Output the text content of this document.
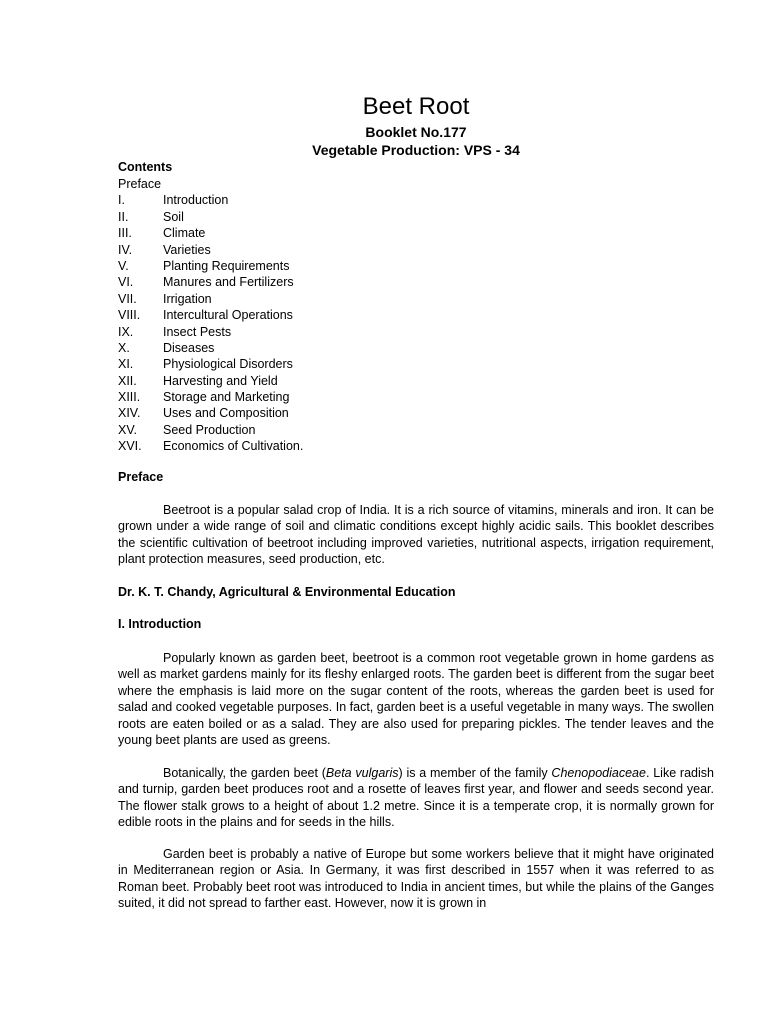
Beet Root
Booklet No.177
Vegetable Production: VPS - 34
Contents
Preface
I.	Introduction
II.	Soil
III.	Climate
IV.	Varieties
V.	Planting Requirements
VI.	Manures and Fertilizers
VII.	Irrigation
VIII.	Intercultural Operations
IX.	Insect Pests
X.	Diseases
XI.	Physiological Disorders
XII.	Harvesting and Yield
XIII.	Storage and Marketing
XIV.	Uses and Composition
XV.	Seed Production
XVI.	Economics of Cultivation.
Preface

Beetroot is a popular salad crop of India. It is a rich source of vitamins, minerals and iron. It can be grown under a wide range of soil and climatic conditions except highly acidic sails. This booklet describes the scientific cultivation of beetroot including improved varieties, nutritional aspects, irrigation requirement, plant protection measures, seed production, etc.

Dr. K. T. Chandy, Agricultural & Environmental Education
I. Introduction

Popularly known as garden beet, beetroot is a common root vegetable grown in home gardens as well as market gardens mainly for its fleshy enlarged roots. The garden beet is different from the sugar beet where the emphasis is laid more on the sugar content of the roots, whereas the garden beet is used for salad and cooked vegetable purposes. In fact, garden beet is a useful vegetable in many ways. The swollen roots are eaten boiled or as a salad. They are also used for preparing pickles. The tender leaves and the young beet plants are used as greens.

Botanically, the garden beet (Beta vulgaris) is a member of the family Chenopodiaceae. Like radish and turnip, garden beet produces root and a rosette of leaves first year, and flower and seeds second year. The flower stalk grows to a height of about 1.2 metre. Since it is a temperate crop, it is normally grown for edible roots in the plains and for seeds in the hills.

Garden beet is probably a native of Europe but some workers believe that it might have originated in Mediterranean region or Asia. In Germany, it was first described in 1557 when it was referred to as Roman beet. Probably beet root was introduced to India in ancient times, but while the plains of the Ganges suited, it did not spread to farther east. However, now it is grown in
